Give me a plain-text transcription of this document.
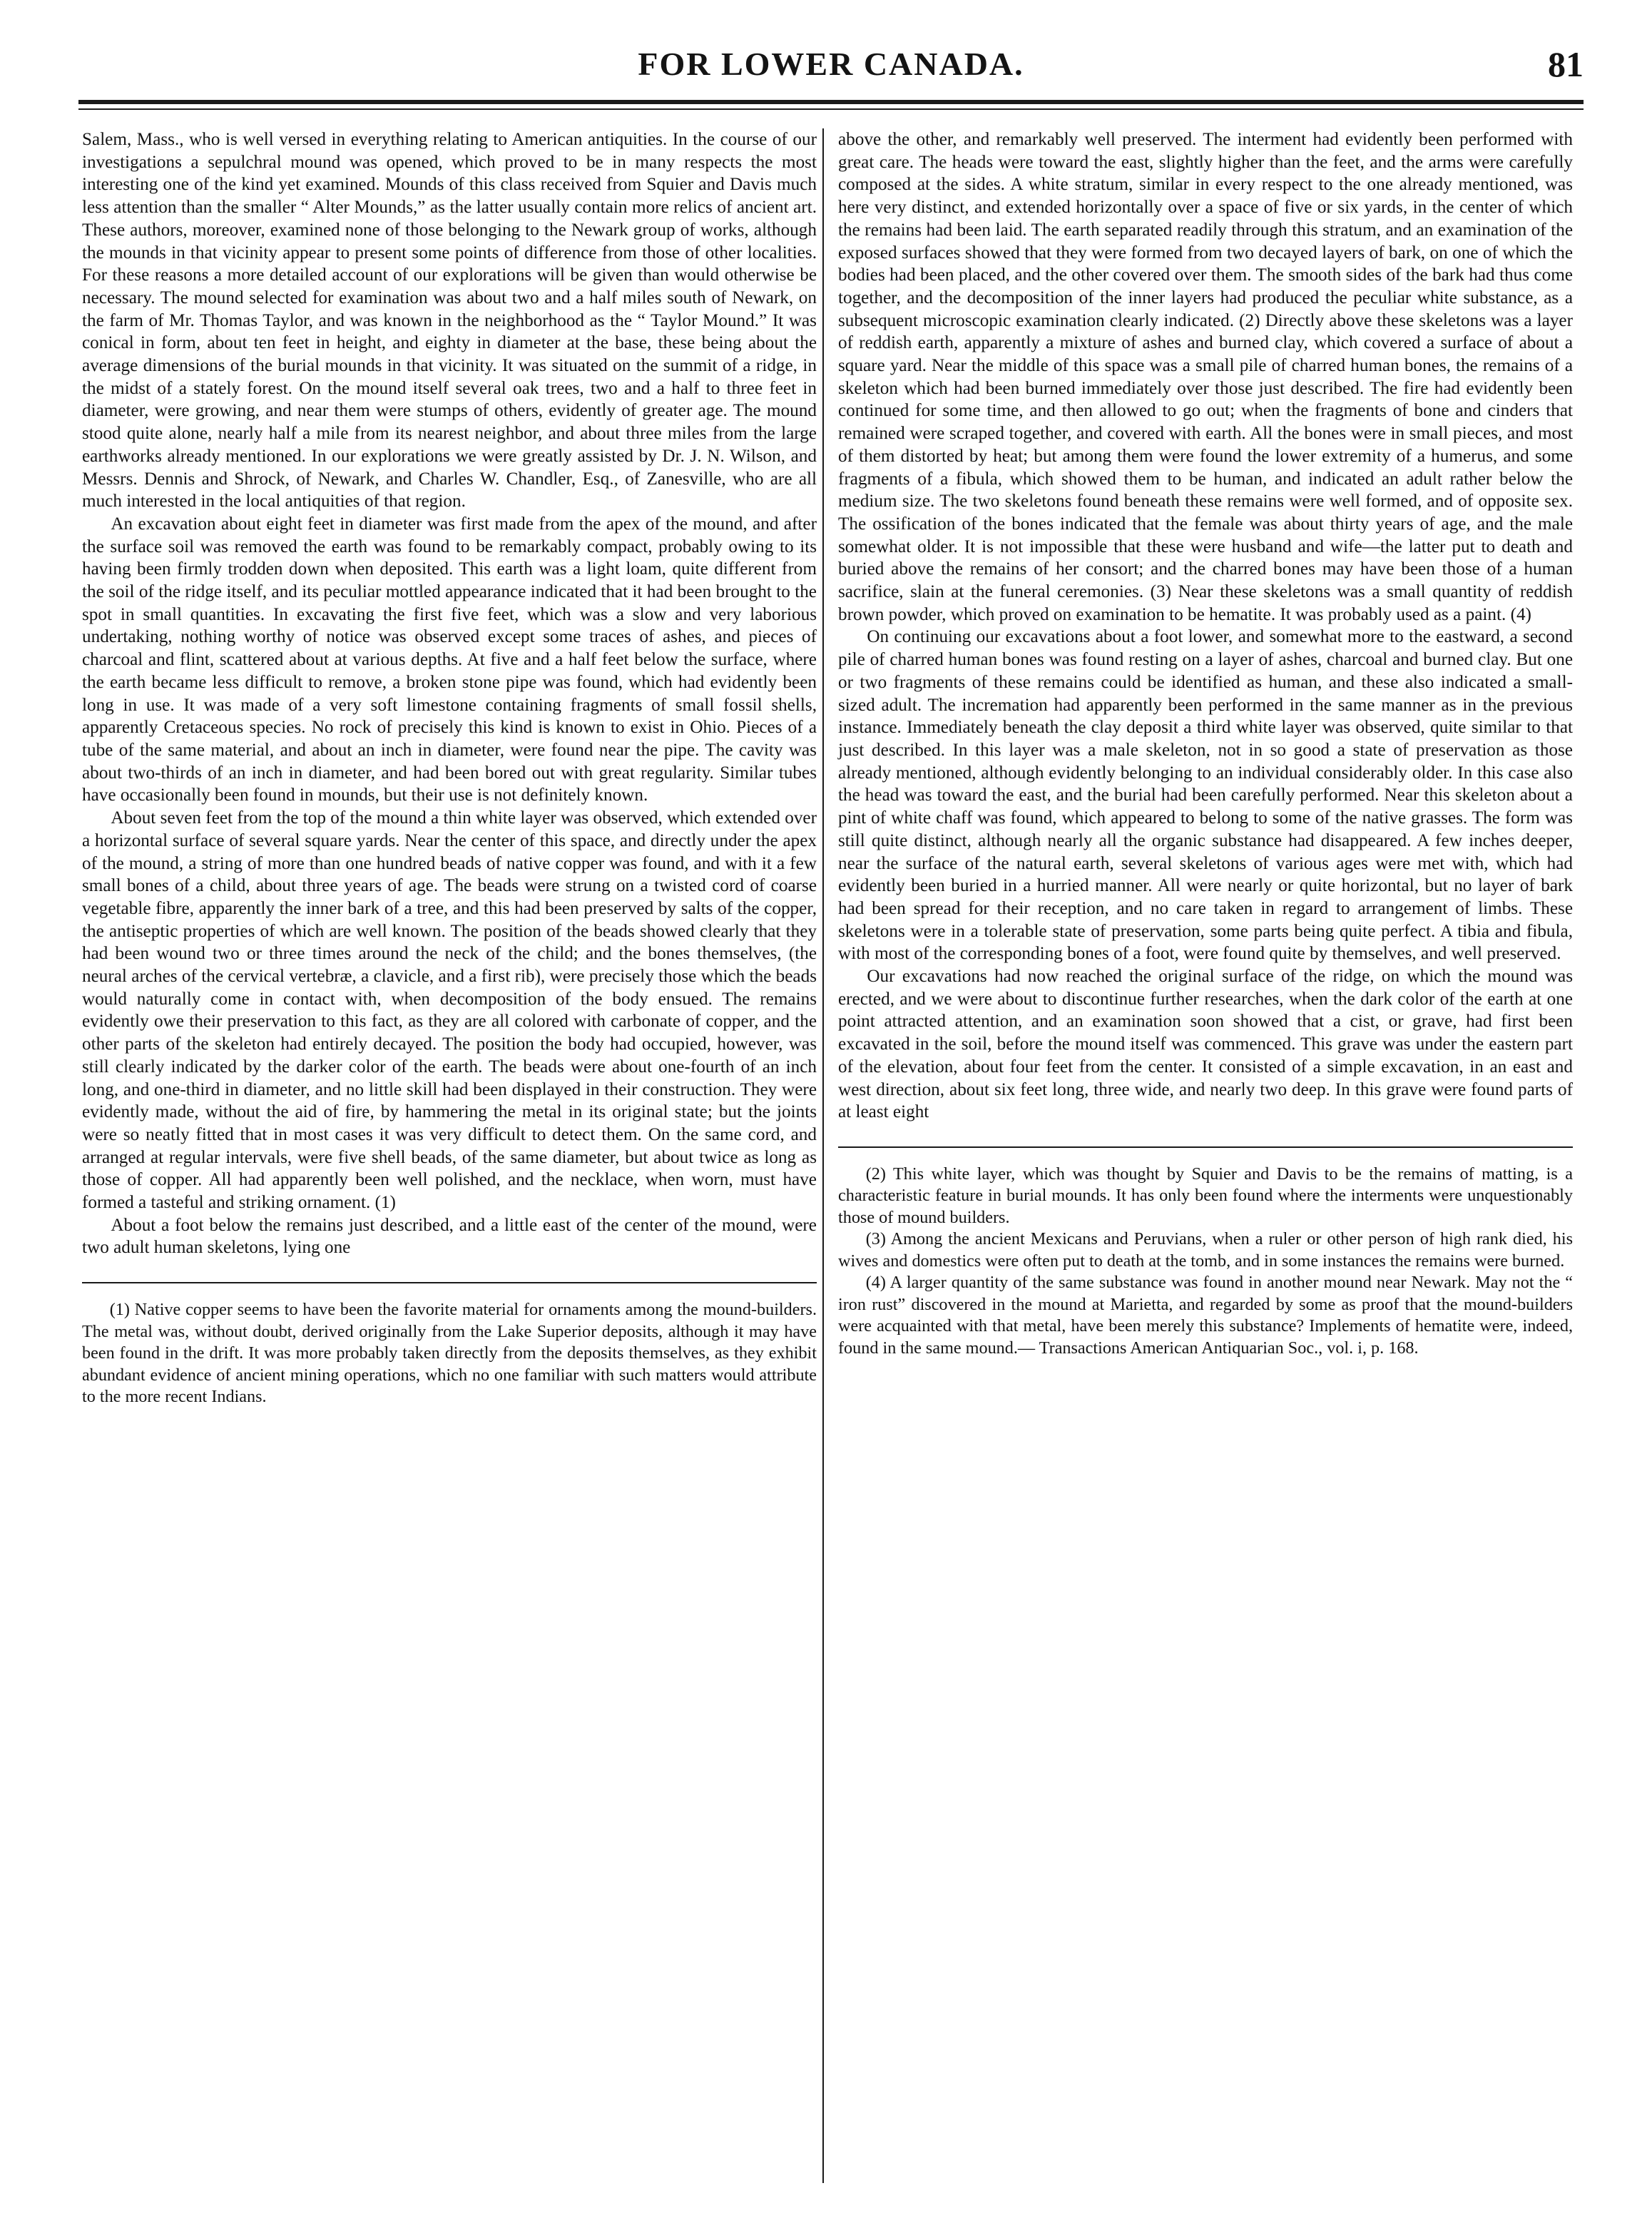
FOR LOWER CANADA.	81

Salem, Mass., who is well versed in everything relating to American antiquities. In the course of our investigations a sepulchral mound was opened, which proved to be in many respects the most interesting one of the kind yet examined. Mounds of this class received from Squier and Davis much less attention than the smaller “ Alter Mounds,” as the latter usually contain more relics of ancient art. These authors, moreover, examined none of those belonging to the Newark group of works, although the mounds in that vicinity appear to present some points of difference from those of other localities. For these reasons a more detailed account of our explorations will be given than would otherwise be necessary. The mound selected for examination was about two and a half miles south of Newark, on the farm of Mr. Thomas Taylor, and was known in the neighborhood as the “ Taylor Mound.” It was conical in form, about ten feet in height, and eighty in diameter at the base, these being about the average dimensions of the burial mounds in that vicinity. It was situated on the summit of a ridge, in the midst of a stately forest. On the mound itself several oak trees, two and a half to three feet in diameter, were growing, and near them were stumps of others, evidently of greater age. The mound stood quite alone, nearly half a mile from its nearest neighbor, and about three miles from the large earthworks already mentioned. In our explorations we were greatly assisted by Dr. J. N. Wilson, and Messrs. Dennis and Shrock, of Newark, and Charles W. Chandler, Esq., of Zanesville, who are all much interested in the local antiquities of that region.

An excavation about eight feet in diameter was first made from the apex of the mound, and after the surface soil was removed the earth was found to be remarkably compact, probably owing to its having been firmly trodden down when deposited. This earth was a light loam, quite different from the soil of the ridge itself, and its peculiar mottled appearance indicated that it had been brought to the spot in small quantities. In excavating the first five feet, which was a slow and very laborious undertaking, nothing worthy of notice was observed except some traces of ashes, and pieces of charcoal and flint, scattered about at various depths. At five and a half feet below the surface, where the earth became less difficult to remove, a broken stone pipe was found, which had evidently been long in use. It was made of a very soft limestone containing fragments of small fossil shells, apparently Cretaceous species. No rock of precisely this kind is known to exist in Ohio. Pieces of a tube of the same material, and about an inch in diameter, were found near the pipe. The cavity was about two-thirds of an inch in diameter, and had been bored out with great regularity. Similar tubes have occasionally been found in mounds, but their use is not definitely known.

About seven feet from the top of the mound a thin white layer was observed, which extended over a horizontal surface of several square yards. Near the center of this space, and directly under the apex of the mound, a string of more than one hundred beads of native copper was found, and with it a few small bones of a child, about three years of age. The beads were strung on a twisted cord of coarse vegetable fibre, apparently the inner bark of a tree, and this had been preserved by salts of the copper, the antiseptic properties of which are well known. The position of the beads showed clearly that they had been wound two or three times around the neck of the child; and the bones themselves, (the neural arches of the cervical vertebræ, a clavicle, and a first rib), were precisely those which the beads would naturally come in contact with, when decomposition of the body ensued. The remains evidently owe their preservation to this fact, as they are all colored with carbonate of copper, and the other parts of the skeleton had entirely decayed. The position the body had occupied, however, was still clearly indicated by the darker color of the earth. The beads were about one-fourth of an inch long, and one-third in diameter, and no little skill had been displayed in their construction. They were evidently made, without the aid of fire, by hammering the metal in its original state; but the joints were so neatly fitted that in most cases it was very difficult to detect them. On the same cord, and arranged at regular intervals, were five shell beads, of the same diameter, but about twice as long as those of copper. All had apparently been well polished, and the necklace, when worn, must have formed a tasteful and striking ornament. (1)

About a foot below the remains just described, and a little east of the center of the mound, were two adult human skeletons, lying one

(1) Native copper seems to have been the favorite material for ornaments among the mound-builders. The metal was, without doubt, derived originally from the Lake Superior deposits, although it may have been found in the drift. It was more probably taken directly from the deposits themselves, as they exhibit abundant evidence of ancient mining operations, which no one familiar with such matters would attribute to the more recent Indians.

above the other, and remarkably well preserved. The interment had evidently been performed with great care. The heads were toward the east, slightly higher than the feet, and the arms were carefully composed at the sides. A white stratum, similar in every respect to the one already mentioned, was here very distinct, and extended horizontally over a space of five or six yards, in the center of which the remains had been laid. The earth separated readily through this stratum, and an examination of the exposed surfaces showed that they were formed from two decayed layers of bark, on one of which the bodies had been placed, and the other covered over them. The smooth sides of the bark had thus come together, and the decomposition of the inner layers had produced the peculiar white substance, as a subsequent microscopic examination clearly indicated. (2) Directly above these skeletons was a layer of reddish earth, apparently a mixture of ashes and burned clay, which covered a surface of about a square yard. Near the middle of this space was a small pile of charred human bones, the remains of a skeleton which had been burned immediately over those just described. The fire had evidently been continued for some time, and then allowed to go out; when the fragments of bone and cinders that remained were scraped together, and covered with earth. All the bones were in small pieces, and most of them distorted by heat; but among them were found the lower extremity of a humerus, and some fragments of a fibula, which showed them to be human, and indicated an adult rather below the medium size. The two skeletons found beneath these remains were well formed, and of opposite sex. The ossification of the bones indicated that the female was about thirty years of age, and the male somewhat older. It is not impossible that these were husband and wife—the latter put to death and buried above the remains of her consort; and the charred bones may have been those of a human sacrifice, slain at the funeral ceremonies. (3) Near these skeletons was a small quantity of reddish brown powder, which proved on examination to be hematite. It was probably used as a paint. (4)

On continuing our excavations about a foot lower, and somewhat more to the eastward, a second pile of charred human bones was found resting on a layer of ashes, charcoal and burned clay. But one or two fragments of these remains could be identified as human, and these also indicated a small-sized adult. The incremation had apparently been performed in the same manner as in the previous instance. Immediately beneath the clay deposit a third white layer was observed, quite similar to that just described. In this layer was a male skeleton, not in so good a state of preservation as those already mentioned, although evidently belonging to an individual considerably older. In this case also the head was toward the east, and the burial had been carefully performed. Near this skeleton about a pint of white chaff was found, which appeared to belong to some of the native grasses. The form was still quite distinct, although nearly all the organic substance had disappeared. A few inches deeper, near the surface of the natural earth, several skeletons of various ages were met with, which had evidently been buried in a hurried manner. All were nearly or quite horizontal, but no layer of bark had been spread for their reception, and no care taken in regard to arrangement of limbs. These skeletons were in a tolerable state of preservation, some parts being quite perfect. A tibia and fibula, with most of the corresponding bones of a foot, were found quite by themselves, and well preserved.

Our excavations had now reached the original surface of the ridge, on which the mound was erected, and we were about to discontinue further researches, when the dark color of the earth at one point attracted attention, and an examination soon showed that a cist, or grave, had first been excavated in the soil, before the mound itself was commenced. This grave was under the eastern part of the elevation, about four feet from the center. It consisted of a simple excavation, in an east and west direction, about six feet long, three wide, and nearly two deep. In this grave were found parts of at least eight

(2) This white layer, which was thought by Squier and Davis to be the remains of matting, is a characteristic feature in burial mounds. It has only been found where the interments were unquestionably those of mound builders.

(3) Among the ancient Mexicans and Peruvians, when a ruler or other person of high rank died, his wives and domestics were often put to death at the tomb, and in some instances the remains were burned.

(4) A larger quantity of the same substance was found in another mound near Newark. May not the “ iron rust” discovered in the mound at Marietta, and regarded by some as proof that the mound-builders were acquainted with that metal, have been merely this substance? Implements of hematite were, indeed, found in the same mound.— Transactions American Antiquarian Soc., vol. i, p. 168.
